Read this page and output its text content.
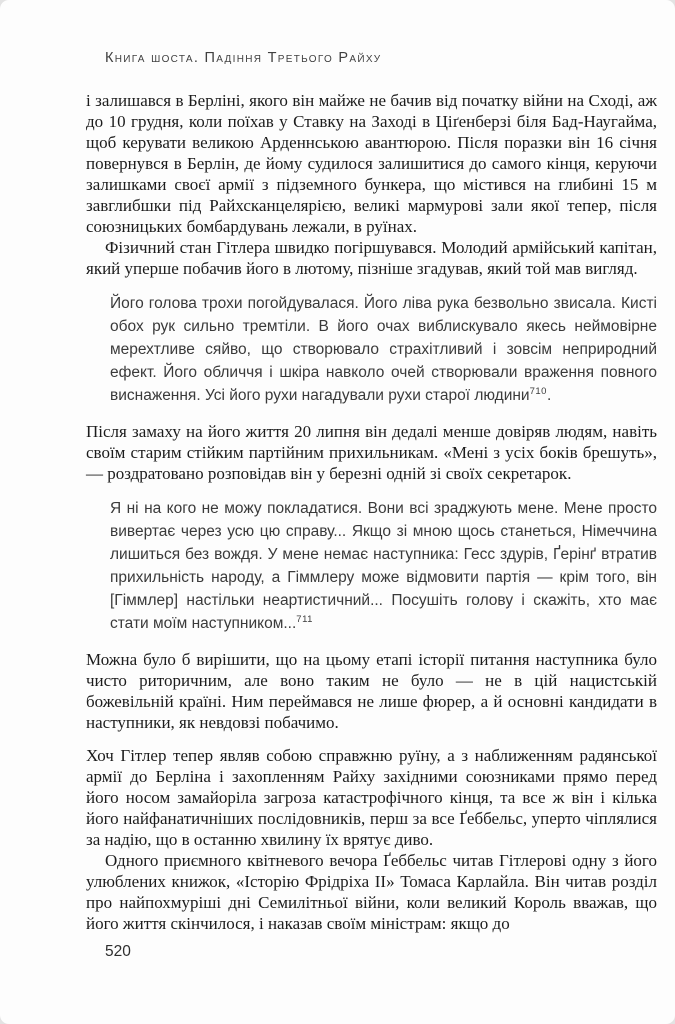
Книга шоста. Падіння Третього Райху

і залишався в Берліні, якого він майже не бачив від початку війни на Сході, аж до 10 грудня, коли поїхав у Ставку на Заході в Ціґенберзі біля Бад-Наугайма, щоб керувати великою Арденнською авантюрою. Після поразки він 16 січня повернувся в Берлін, де йому судилося залишитися до самого кінця, керуючи залишками своєї армії з підземного бункера, що містився на глибині 15 м завглибшки під Райхсканцелярією, великі мармурові зали якої тепер, після союзницьких бомбардувань лежали, в руїнах.

Фізичний стан Гітлера швидко погіршувався. Молодий армійський капітан, який уперше побачив його в лютому, пізніше згадував, який той мав вигляд.

Його голова трохи погойдувалася. Його ліва рука безвольно звисала. Кисті обох рук сильно тремтіли. В його очах виблискувало якесь неймовірне мерехтливе сяйво, що створювало страхітливий і зовсім неприродний ефект. Його обличчя і шкіра навколо очей створювали враження повного виснаження. Усі його рухи нагадували рухи старої людини$^{710}$.

Після замаху на його життя 20 липня він дедалі менше довіряв людям, навіть своїм старим стійким партійним прихильникам. «Мені з усіх боків брешуть», — роздратовано розповідав він у березні одній зі своїх секретарок.

Я ні на кого не можу покладатися. Вони всі зраджують мене. Мене просто вивертає через усю цю справу... Якщо зі мною щось станеться, Німеччина лишиться без вождя. У мене немає наступника: Гесс здурів, Ґерінґ втратив прихильність народу, а Гіммлеру може відмовити партія — крім того, він [Гіммлер] настільки неартистичний... Посушіть голову і скажіть, хто має стати моїм наступником...$^{711}$

Можна було б вирішити, що на цьому етапі історії питання наступника було чисто риторичним, але воно таким не було — не в цій нацистській божевільній країні. Ним переймався не лише фюрер, а й основні кандидати в наступники, як невдовзі побачимо.

Хоч Гітлер тепер являв собою справжню руїну, а з наближенням радянської армії до Берліна і захопленням Райху західними союзниками прямо перед його носом замайоріла загроза катастрофічного кінця, та все ж він і кілька його найфанатичніших послідовників, перш за все Ґеббельс, уперто чіплялися за надію, що в останню хвилину їх врятує диво.

Одного приємного квітневого вечора Ґеббельс читав Гітлерові одну з його улюблених книжок, «Історію Фрідріха II» Томаса Карлайла. Він читав розділ про найпохмуріші дні Семилітньої війни, коли великий Король вважав, що його життя скінчилося, і наказав своїм міністрам: якщо до

520
